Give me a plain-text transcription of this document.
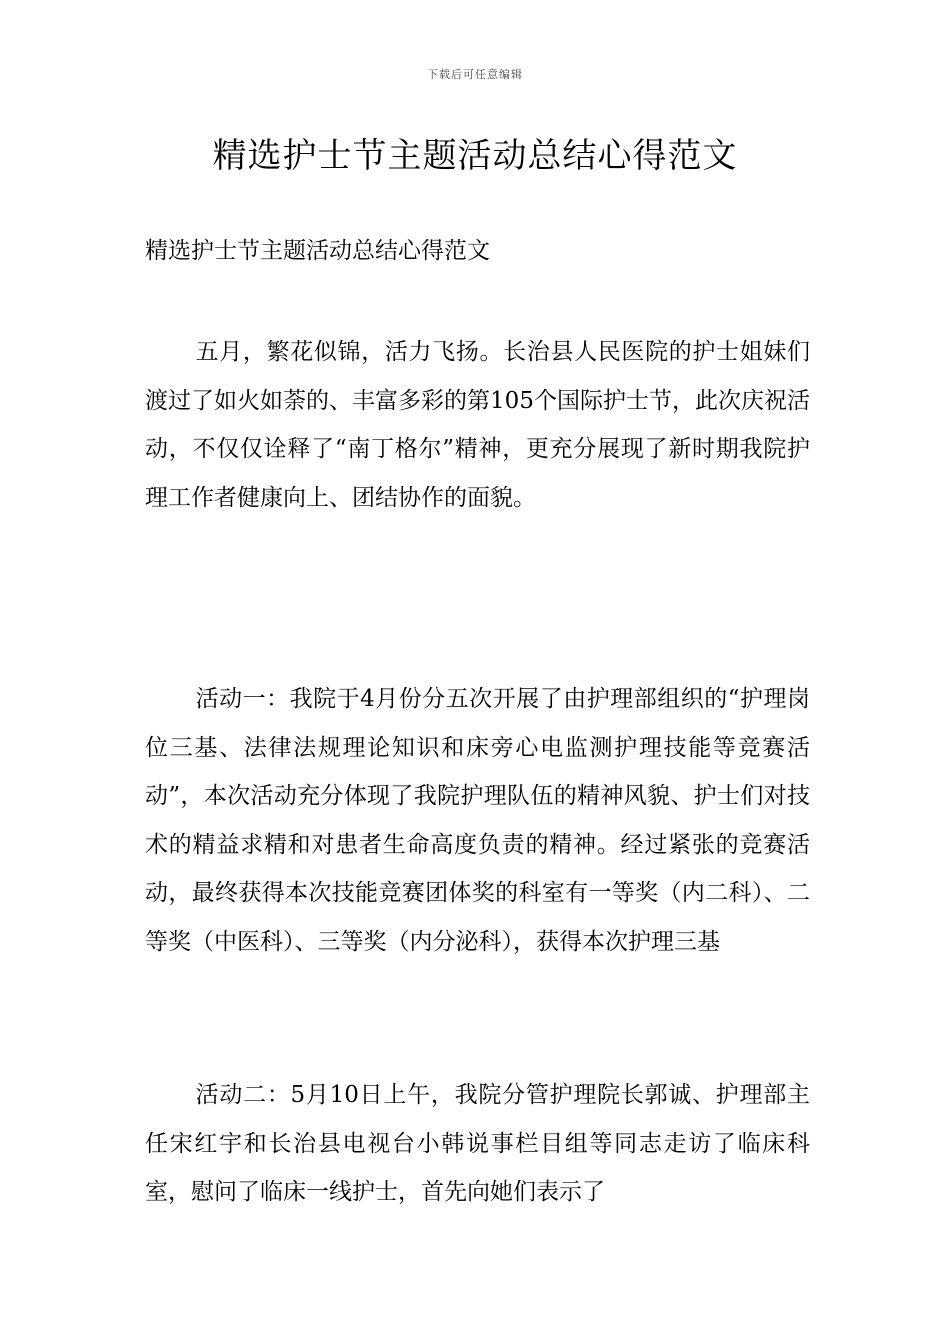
下载后可任意编辑
精选护士节主题活动总结心得范文

精选护士节主题活动总结心得范文

五月，繁花似锦，活力飞扬。长治县人民医院的护士姐妹们渡过了如火如荼的、丰富多彩的第105个国际护士节，此次庆祝活动，不仅仅诠释了“南丁格尔”精神，更充分展现了新时期我院护理工作者健康向上、团结协作的面貌。

活动一：我院于4月份分五次开展了由护理部组织的“护理岗位三基、法律法规理论知识和床旁心电监测护理技能等竞赛活动”，本次活动充分体现了我院护理队伍的精神风貌、护士们对技术的精益求精和对患者生命高度负责的精神。经过紧张的竞赛活动，最终获得本次技能竞赛团体奖的科室有一等奖（内二科）、二等奖（中医科）、三等奖（内分泌科），获得本次护理三基

活动二：5月10日上午，我院分管护理院长郭诚、护理部主任宋红宇和长治县电视台小韩说事栏目组等同志走访了临床科室，慰问了临床一线护士，首先向她们表示了
